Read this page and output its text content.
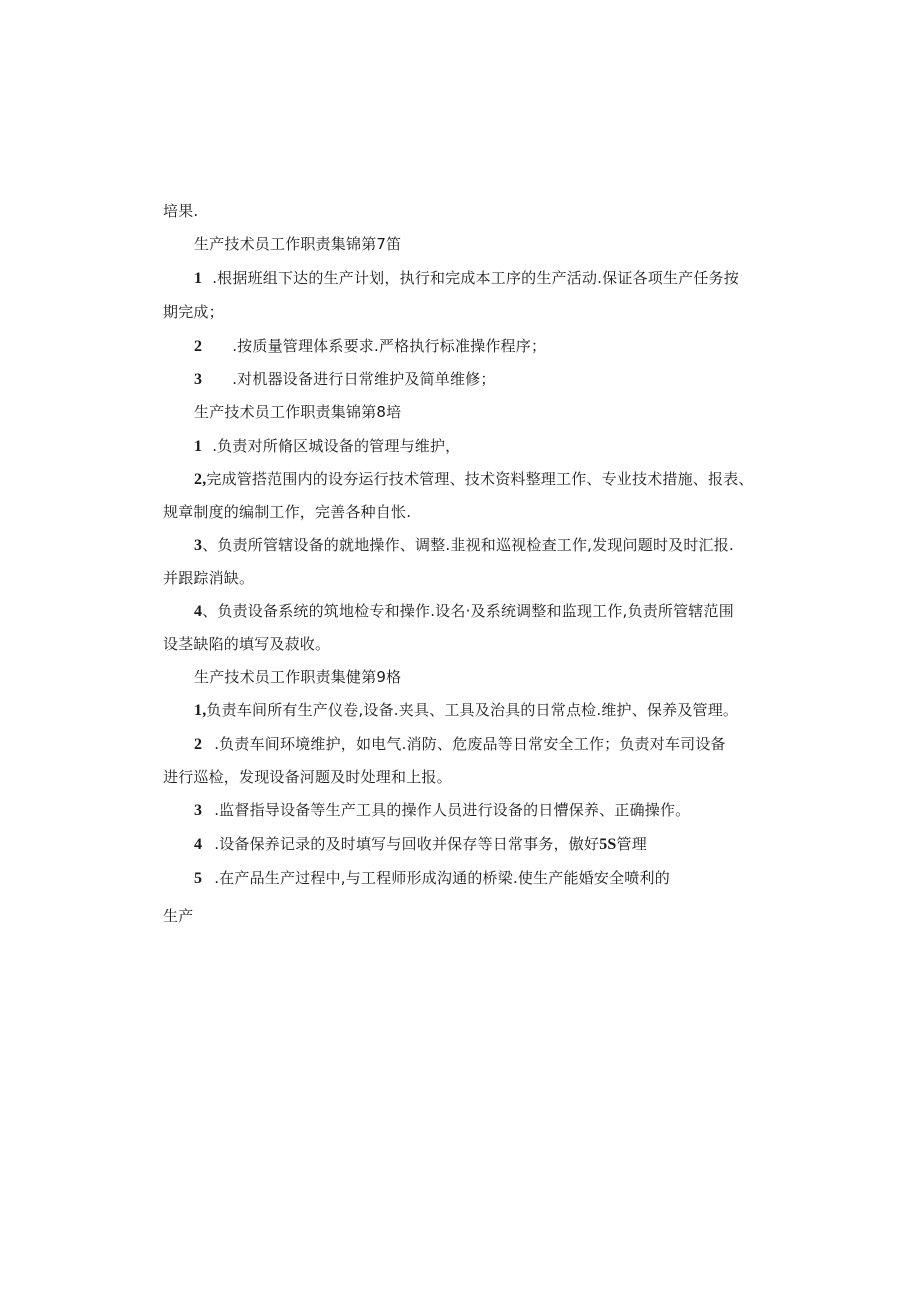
培果.
生产技术员工作职责集锦第7笛
1 .根据班组下达的生产计划，执行和完成本工序的生产活动.保证各项生产任务按
期完成；
2 .按质量管理体系要求.严格执行标准操作程序；
3 .对机器设备进行日常维护及简单维修；
生产技术员工作职责集锦第8培
1 .负责对所脩区城设备的管理与维护，
2,完成管搭范围内的设夯运行技术管理、技术资料整理工作、专业技术措施、报表、
规章制度的编制工作，完善各种自怅.
3、负责所管辖设备的就地操作、调整.韭视和巡视检查工作,发现问题时及时汇报.
并跟踪消缺。
4、负责设备系统的筑地检专和操作.设名·及系统调整和监现工作,负责所管辖范围
设茎缺陷的填写及菽收。
生产技术员工作职责集健第9格
1,负责车间所有生产仪卷,设备.夹具、工具及治具的日常点检.维护、保养及管理。
2 .负责车间环境维护，如电气.消防、危废品等日常安全工作；负责对车司设备
进行巡检，发现设备河题及时处理和上报。
3 .监督指导设备等生产工具的操作人员进行设备的日懵保养、正确操作。
4 .设备保养记录的及时填写与回收并保存等日常事务，傲好5S管理
5 .在产品生产过程中,与工程师形成沟通的桥梁.使生产能婚安全喷利的
生产
